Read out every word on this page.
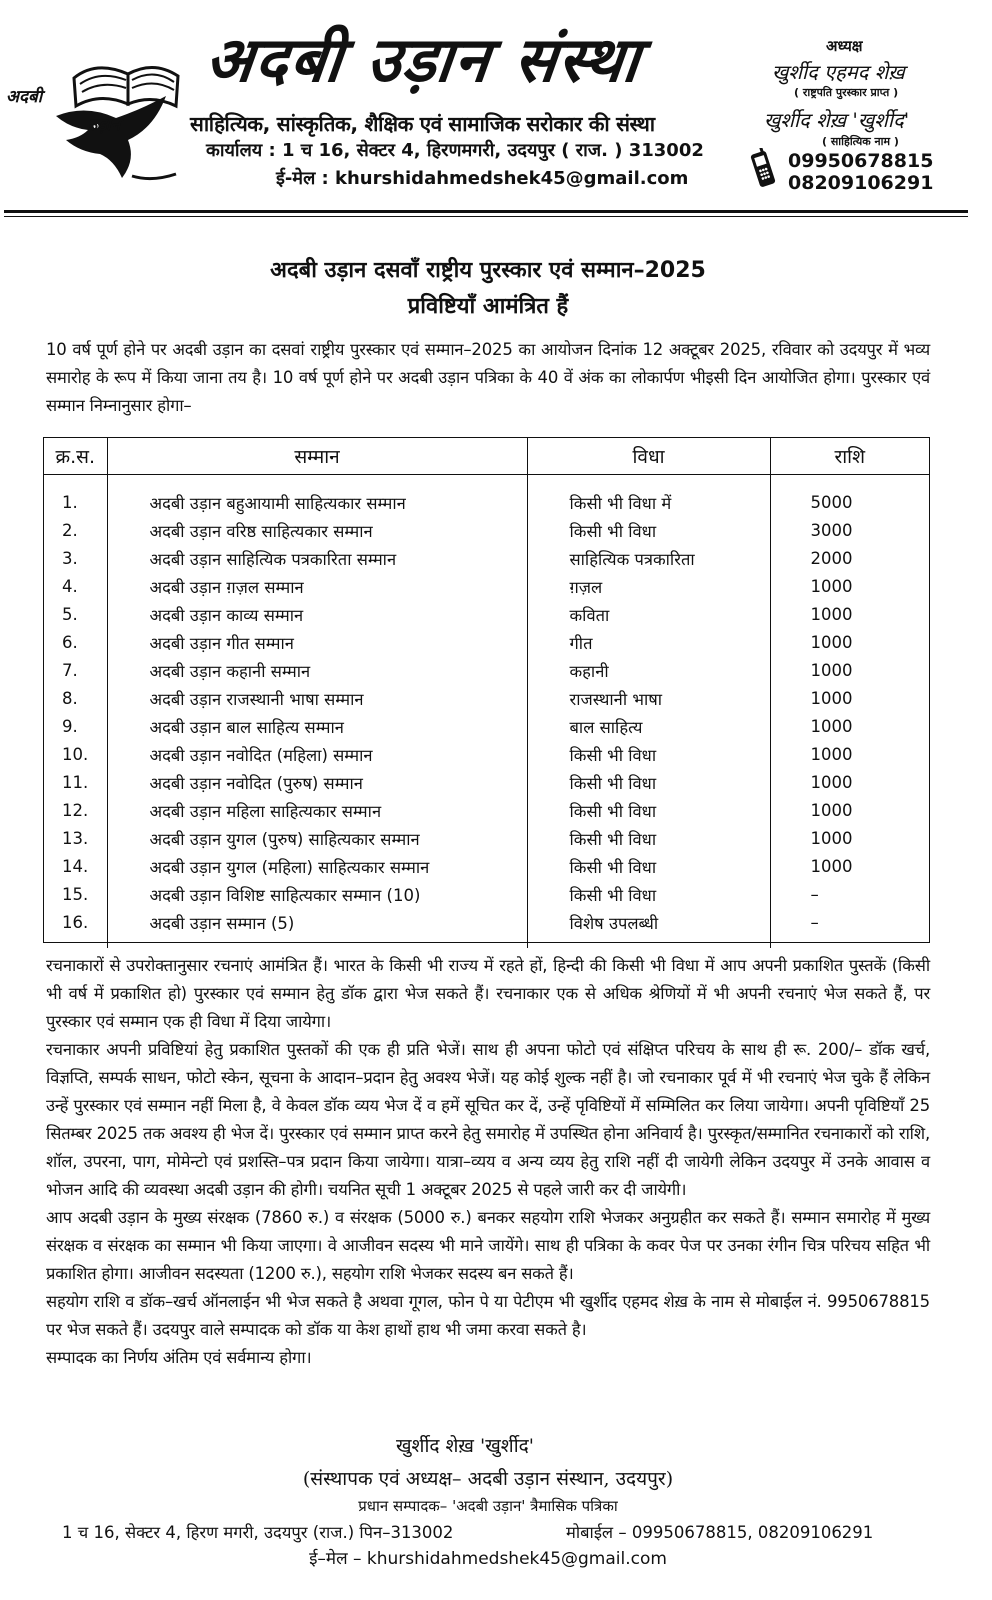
अदबी
उड़ान
अदबी उड़ान संस्था
साहित्यिक, सांस्कृतिक, शैक्षिक एवं सामाजिक सरोकार की संस्था
कार्यालय : 1 च 16, सेक्टर 4, हिरणमगरी, उदयपुर ( राज. ) 313002
ई-मेल : khurshidahmedshek45@gmail.com
अध्यक्ष
खुर्शीद एहमद शेख़
( राष्ट्रपति पुरस्कार प्राप्त )
खुर्शीद शेख़ 'खुर्शीद'
( साहित्यिक नाम )
09950678815
08209106291
अदबी उड़ान दसवाँ राष्ट्रीय पुरस्कार एवं सम्मान–2025
प्रविष्टियाँ आमंत्रित हैं
10 वर्ष पूर्ण होने पर अदबी उड़ान का दसवां राष्ट्रीय पुरस्कार एवं सम्मान–2025 का आयोजन दिनांक 12 अक्टूबर 2025, रविवार को उदयपुर में भव्य समारोह के रूप में किया जाना तय है। 10 वर्ष पूर्ण होने पर अदबी उड़ान पत्रिका के 40 वें अंक का लोकार्पण भीइसी दिन आयोजित होगा। पुरस्कार एवं सम्मान निम्नानुसार होगा–
क्र.स.	सम्मान	विधा	राशि

1.	अदबी उड़ान बहुआयामी साहित्यकार सम्मान	किसी भी विधा में	5000
2.	अदबी उड़ान वरिष्ठ साहित्यकार सम्मान	किसी भी विधा	3000
3.	अदबी उड़ान साहित्यिक पत्रकारिता सम्मान	साहित्यिक पत्रकारिता	2000
4.	अदबी उड़ान ग़ज़ल सम्मान	ग़ज़ल	1000
5.	अदबी उड़ान काव्य सम्मान	कविता	1000
6.	अदबी उड़ान गीत सम्मान	गीत	1000
7.	अदबी उड़ान कहानी सम्मान	कहानी	1000
8.	अदबी उड़ान राजस्थानी भाषा सम्मान	राजस्थानी भाषा	1000
9.	अदबी उड़ान बाल साहित्य सम्मान	बाल साहित्य	1000
10.	अदबी उड़ान नवोदित (महिला) सम्मान	किसी भी विधा	1000
11.	अदबी उड़ान नवोदित (पुरुष) सम्मान	किसी भी विधा	1000
12.	अदबी उड़ान महिला साहित्यकार सम्मान	किसी भी विधा	1000
13.	अदबी उड़ान युगल (पुरुष) साहित्यकार सम्मान	किसी भी विधा	1000
14.	अदबी उड़ान युगल (महिला) साहित्यकार सम्मान	किसी भी विधा	1000
15.	अदबी उड़ान विशिष्ट साहित्यकार सम्मान (10)	किसी भी विधा	–
16.	अदबी उड़ान सम्मान (5)	विशेष उपलब्धी	–

रचनाकारों से उपरोक्तानुसार रचनाएं आमंत्रित हैं। भारत के किसी भी राज्य में रहते हों, हिन्दी की किसी भी विधा में आप अपनी प्रकाशित पुस्तकें (किसी भी वर्ष में प्रकाशित हो) पुरस्कार एवं सम्मान हेतु डॉक द्वारा भेज सकते हैं। रचनाकार एक से अधिक श्रेणियों में भी अपनी रचनाएं भेज सकते हैं, पर पुरस्कार एवं सम्मान एक ही विधा में दिया जायेगा।

रचनाकार अपनी प्रविष्टियां हेतु प्रकाशित पुस्तकों की एक ही प्रति भेजें। साथ ही अपना फोटो एवं संक्षिप्त परिचय के साथ ही रू. 200/– डॉक खर्च, विज्ञप्ति, सम्पर्क साधन, फोटो स्केन, सूचना के आदान–प्रदान हेतु अवश्य भेजें। यह कोई शुल्क नहीं है। जो रचनाकार पूर्व में भी रचनाएं भेज चुके हैं लेकिन उन्हें पुरस्कार एवं सम्मान नहीं मिला है, वे केवल डॉक व्यय भेज दें व हमें सूचित कर दें, उन्हें पृविष्टियों में सम्मिलित कर लिया जायेगा। अपनी पृविष्टियाँ 25 सितम्बर 2025 तक अवश्य ही भेज दें। पुरस्कार एवं सम्मान प्राप्त करने हेतु समारोह में उपस्थित होना अनिवार्य है। पुरस्कृत/सम्मानित रचनाकारों को राशि, शॉल, उपरना, पाग, मोमेन्टो एवं प्रशस्ति–पत्र प्रदान किया जायेगा। यात्रा–व्यय व अन्य व्यय हेतु राशि नहीं दी जायेगी लेकिन उदयपुर में उनके आवास व भोजन आदि की व्यवस्था अदबी उड़ान की होगी। चयनित सूची 1 अक्टूबर 2025 से पहले जारी कर दी जायेगी।

आप अदबी उड़ान के मुख्य संरक्षक (7860 रु.) व संरक्षक (5000 रु.) बनकर सहयोग राशि भेजकर अनुग्रहीत कर सकते हैं। सम्मान समारोह में मुख्य संरक्षक व संरक्षक का सम्मान भी किया जाएगा। वे आजीवन सदस्य भी माने जायेंगे। साथ ही पत्रिका के कवर पेज पर उनका रंगीन चित्र परिचय सहित भी प्रकाशित होगा। आजीवन सदस्यता (1200 रु.), सहयोग राशि भेजकर सदस्य बन सकते हैं।

सहयोग राशि व डॉक–खर्च ऑनलाईन भी भेज सकते है अथवा गूगल, फोन पे या पेटीएम भी खुर्शीद एहमद शेख़ के नाम से मोबाईल नं. 9950678815 पर भेज सकते हैं। उदयपुर वाले सम्पादक को डॉक या केश हाथों हाथ भी जमा करवा सकते है।

सम्पादक का निर्णय अंतिम एवं सर्वमान्य होगा।

खुर्शीद शेख़ 'खुर्शीद'
(संस्थापक एवं अध्यक्ष– अदबी उड़ान संस्थान, उदयपुर)
प्रधान सम्पादक– 'अदबी उड़ान' त्रैमासिक पत्रिका
1 च 16, सेक्टर 4, हिरण मगरी, उदयपुर (राज.) पिन–313002	मोबाईल – 09950678815, 08209106291
ई–मेल – khurshidahmedshek45@gmail.com
